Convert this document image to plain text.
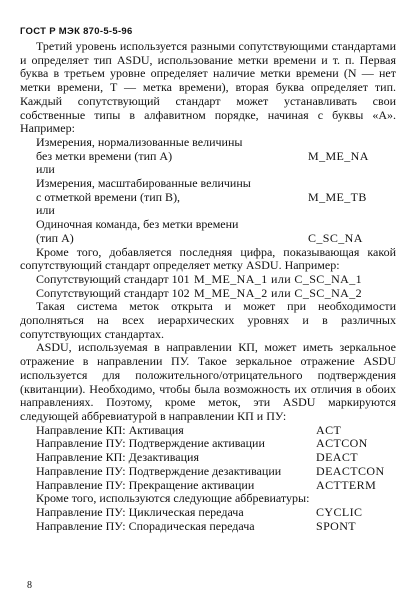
ГОСТ Р МЭК 870-5-5-96

Третий уровень используется разными сопутствующими стандартами и определяет тип ASDU, использование метки времени и т. п. Первая буква в третьем уровне определяет наличие метки времени (N — нет метки времени, T — метка времени), вторая буква определяет тип. Каждый сопутствующий стандарт может устанавливать свои собственные типы в алфавитном порядке, начиная с буквы «А». Например:

Измерения, нормализованные величины
без метки времени (тип А)	M_ME_NA
или
Измерения, масштабированные величины
с отметкой времени (тип В),	M_ME_TB
или
Одиночная команда, без метки времени
(тип А)	C_SC_NA

Кроме того, добавляется последняя цифра, показывающая какой сопутствующий стандарт определяет метку ASDU. Например:

Сопутствующий стандарт 101 M_ME_NA_1 или C_SC_NA_1
Сопутствующий стандарт 102 M_ME_NA_2 или C_SC_NA_2

Такая система меток открыта и может при необходимости дополняться на всех иерархических уровнях и в различных сопутствующих стандартах.

ASDU, используемая в направлении КП, может иметь зеркальное отражение в направлении ПУ. Такое зеркальное отражение ASDU используется для положительного/отрицательного подтверждения (квитанции). Необходимо, чтобы была возможность их отличия в обоих направлениях. Поэтому, кроме меток, эти ASDU маркируются следующей аббревиатурой в направлении КП и ПУ:

Направление КП: Активация	ACT
Направление ПУ: Подтверждение активации	ACTCON
Направление КП: Дезактивация	DEACT
Направление ПУ: Подтверждение дезактивации	DEACTCON
Направление ПУ: Прекращение активации	ACTTERM
Кроме того, используются следующие аббревиатуры:
Направление ПУ: Циклическая передача	CYCLIC
Направление ПУ: Спорадическая передача	SPONT
8
